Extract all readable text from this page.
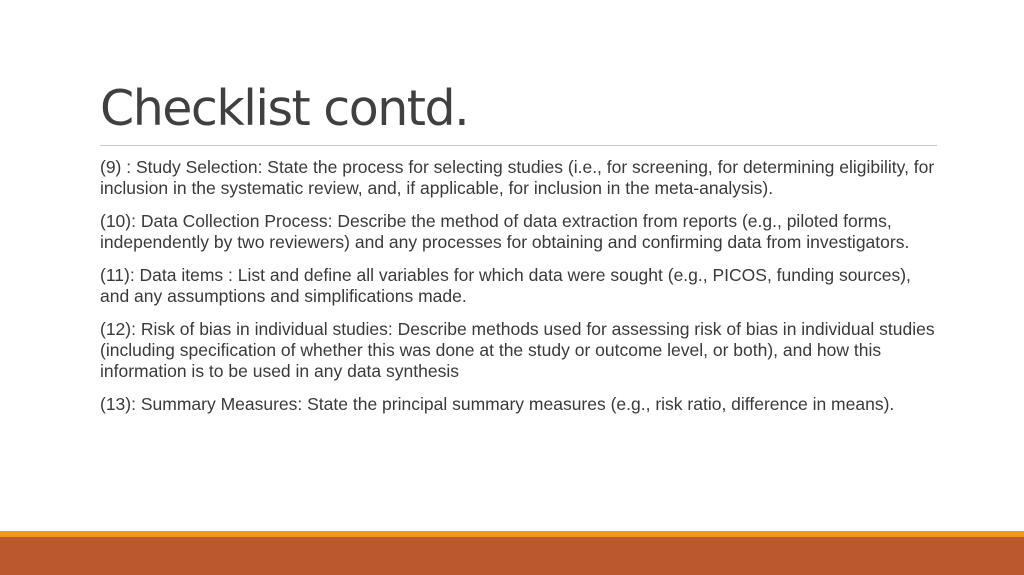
Checklist contd.

(9) : Study Selection: State the process for selecting studies (i.e., for screening, for determining eligibility, for inclusion in the systematic review, and, if applicable, for inclusion in the meta-analysis).

(10): Data Collection Process: Describe the method of data extraction from reports (e.g., piloted forms, independently by two reviewers) and any processes for obtaining and confirming data from investigators.

(11): Data items : List and define all variables for which data were sought (e.g., PICOS, funding sources), and any assumptions and simplifications made.

(12): Risk of bias in individual studies: Describe methods used for assessing risk of bias in individual studies (including specification of whether this was done at the study or outcome level, or both), and how this information is to be used in any data synthesis

(13): Summary Measures: State the principal summary measures (e.g., risk ratio, difference in means).
